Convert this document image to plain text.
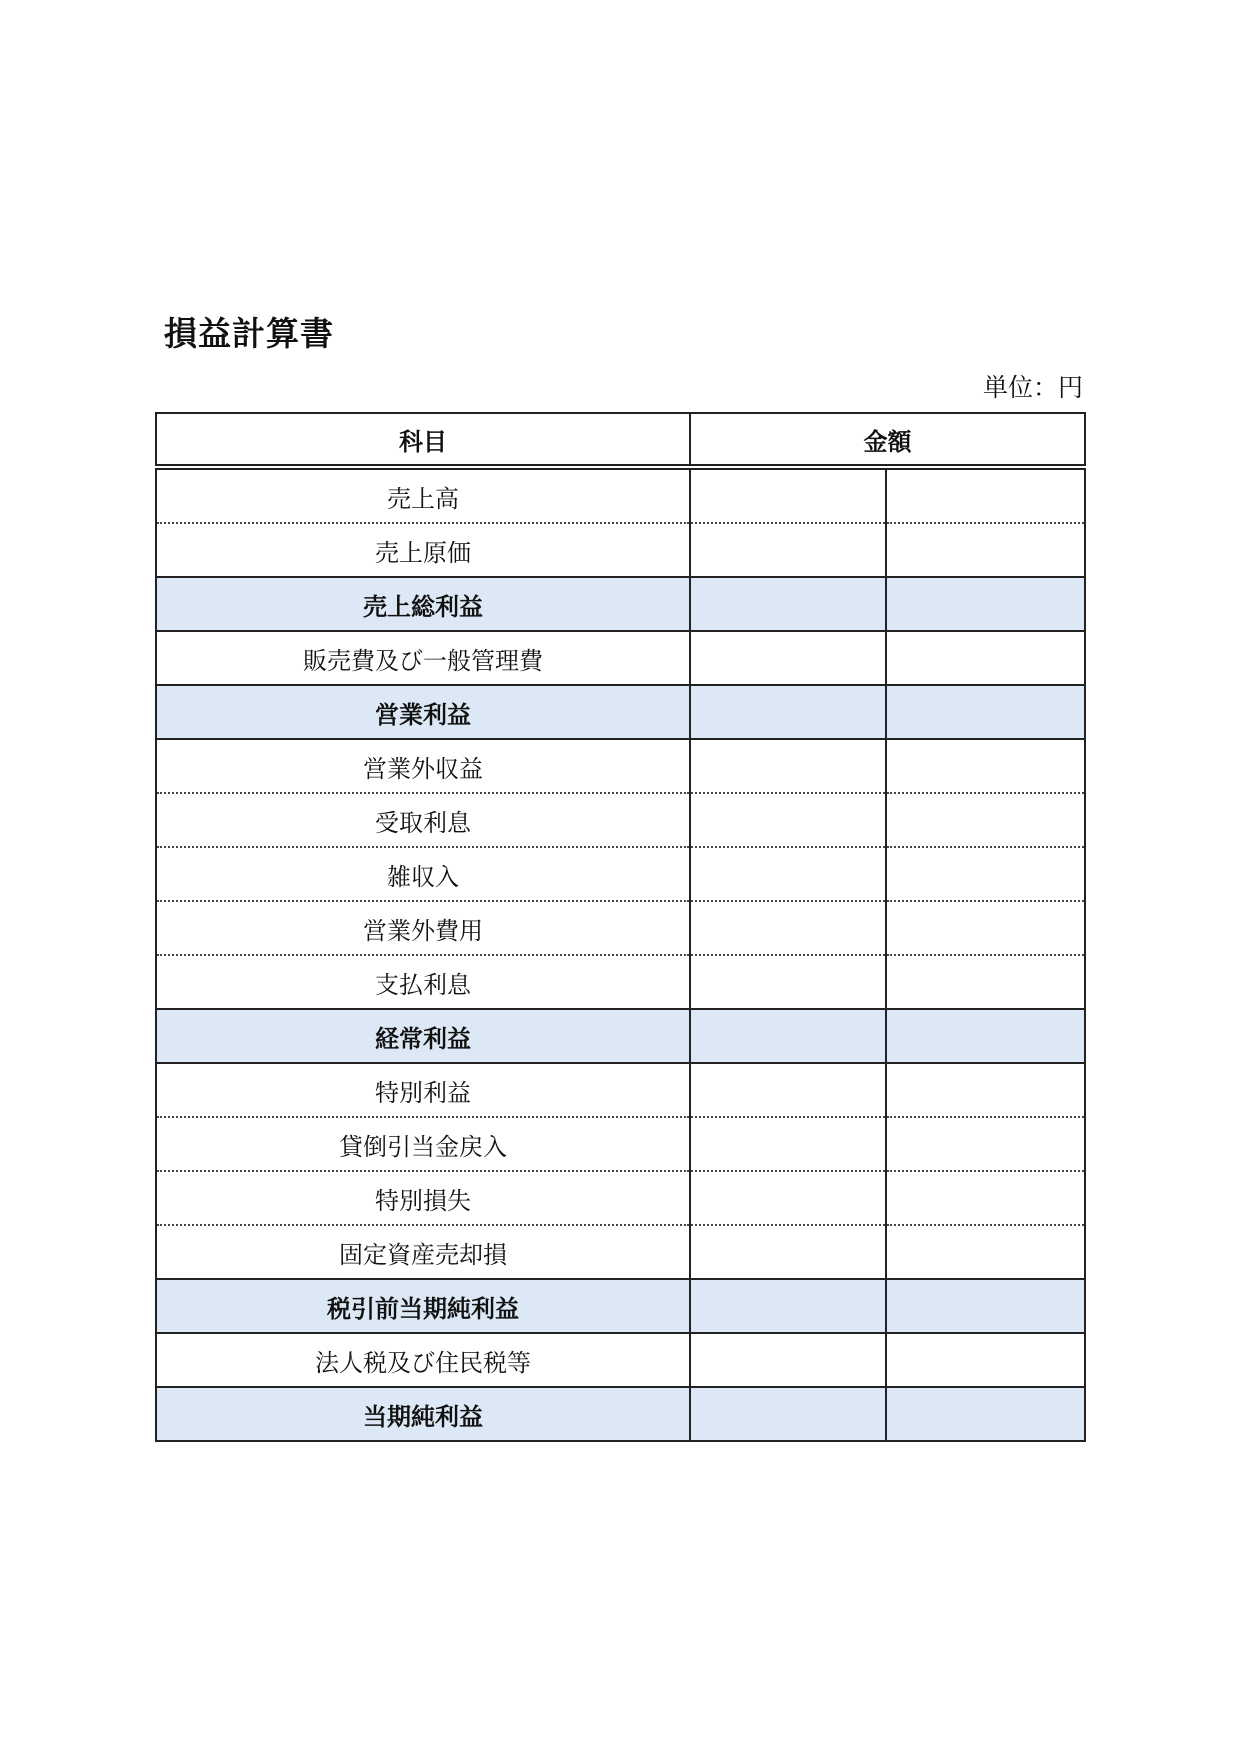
損益計算書
単位：円
科目	金額	
売上高		
売上原価		
売上総利益		
販売費及び一般管理費		
営業利益		
営業外収益		
受取利息		
雑収入		
営業外費用		
支払利息		
経常利益		
特別利益		
貸倒引当金戻入		
特別損失		
固定資産売却損		
税引前当期純利益		
法人税及び住民税等		
当期純利益		
